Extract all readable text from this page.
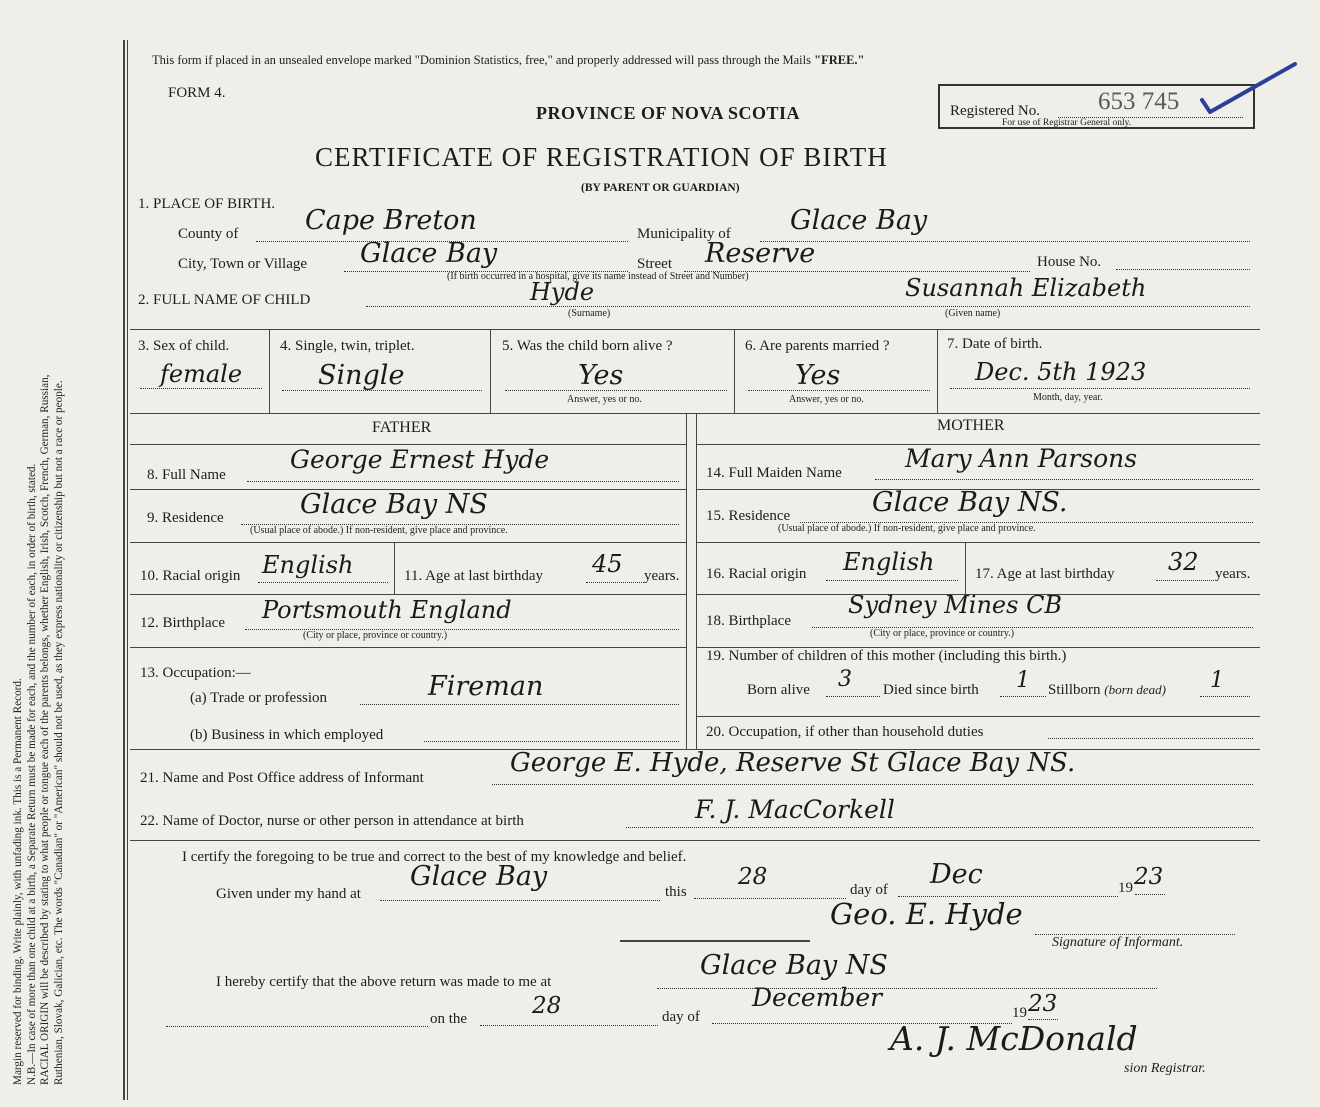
Margin reserved for binding. Write plainly, with unfading ink. This is a Permanent Record. N.B.—In case of more than one child at a birth, a Separate Return must be made for each, and the number of each, in order of birth, stated. RACIAL ORIGIN will be described by stating to what people or tongue each of the parents belongs, whether English, Irish, Scotch, French, German, Russian, Ruthenian, Slovak, Galician, etc. The words "Canadian" or "American" should not be used, as they express nationality or citizenship but not a race or people.
This form if placed in an unsealed envelope marked "Dominion Statistics, free," and properly addressed will pass through the Mails "FREE."
FORM 4.
PROVINCE OF NOVA SCOTIA
CERTIFICATE OF REGISTRATION OF BIRTH
(BY PARENT OR GUARDIAN)
Registered No. 653 745
For use of Registrar General only.
1. PLACE OF BIRTH.
County of Cape Breton	Municipality of Glace Bay
City, Town or Village Glace Bay	Street Reserve	House No.
(If birth occurred in a hospital, give its name instead of Street and Number)
2. FULL NAME OF CHILD	Hyde
(Surname)
Susannah Elizabeth
(Given name)
3. Sex of child.
female
4. Single, twin, triplet.
Single
5. Was the child born alive ?
Yes
Answer, yes or no.
6. Are parents married ?
Yes
Answer, yes or no.
7. Date of birth.
Dec. 5th 1923
Month, day, year.
FATHER	MOTHER
8. Full Name
George Ernest Hyde	14. Full Maiden Name	Mary Ann Parsons
9. Residence	Glace Bay NS
(Usual place of abode.) If non-resident, give place and province.
15. Residence	Glace Bay NS.
(Usual place of abode.) If non-resident, give place and province.
10. Racial origin English	11. Age at last birthday 45 years. 16. Racial origin English	17. Age at last birthday 32 years.
12. Birthplace Portsmouth England
(City or place, province or country.)
18. Birthplace
Sydney Mines CB
(City or place, province or country.)
13. Occupation:—
(a) Trade or profession	Fireman
(b) Business in which employed
19. Number of children of this mother (including this birth.)
Born alive 3 Died since birth 1 Stillborn (born dead) 1
20. Occupation, if other than household duties
21. Name and Post Office address of Informant	George E. Hyde, Reserve St Glace Bay NS.
22. Name of Doctor, nurse or other person in attendance at birth	F. J. MacCorkell
I certify the foregoing to be true and correct to the best of my knowledge and belief.
Given under my hand at
Glace Bay	this
28	day of Dec	19 23
Geo. E. Hyde
Signature of Informant.
I hereby certify that the above return was made to me at
Glace Bay NS
on the	28	day of
December
19 23
A. J. McDonald
sion Registrar.
